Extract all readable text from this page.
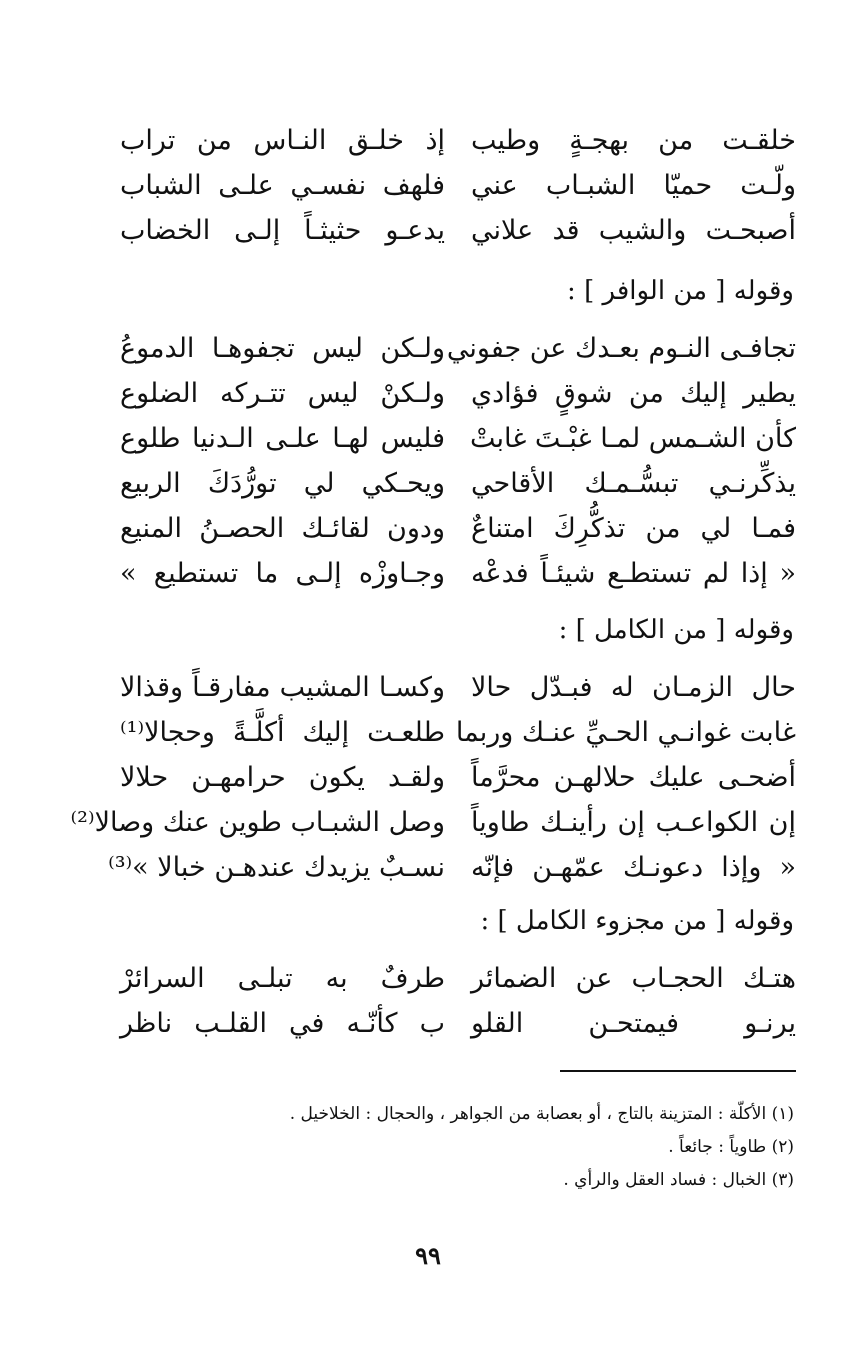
خلقـت من بهجـةٍ وطيب
إذ خلـق النـاس من تراب
ولّـت حميّا الشبـاب عني
فلهف نفسـي علـى الشباب
أصبحـت والشيب قد علاني
يدعـو حثيثـاً إلـى الخضاب
وقوله [ من الوافر ] :
تجافـى النـوم بعـدك عن جفوني
ولـكن ليس تجفوهـا الدموعُ
يطير إليك من شوقٍ فؤادي
ولـكنْ ليس تتـركه الضلوع
كأن الشـمس لمـا غبْـتَ غابتْ
فليس لهـا علـى الـدنيا طلوع
يذكِّرنـي تبسُّـمـك الأقاحي
ويحـكي لي تورُّدَكَ الربيع
فمـا لي من تذكُّرِكَ امتناعٌ
ودون لقائـك الحصـنُ المنيع
« إذا لم تستطـع شيئـاً فدعْه
وجـاوزْه إلـى ما تستطيع »
وقوله [ من الكامل ] :
حال الزمـان له فبـدّل حالا
وكسـا المشيب مفارقـاً وقذالا
غابت غوانـي الحـيِّ عنـك وربما
طلعـت إليك أكلَّـةً وحجالا⁽¹⁾
أضحـى عليك حلالهـن محرَّماً
ولقـد يكون حرامهـن حلالا
إن الكواعـب إن رأينـك طاوياً
وصل الشبـاب طوين عنك وصالا⁽²⁾
« وإذا دعونـك عمّهـن فإنّه
نسـبٌ يزيدك عندهـن خبالا »⁽³⁾
وقوله [ من مجزوء الكامل ] :
هتـك الحجـاب عن الضمائر
طرفٌ به تبلـى السرائرْ
يرنـو فيمتحـن القلو
ب كأنّـه في القلـب ناظر
(١) الأكلّة : المتزينة بالتاج ، أو بعصابة من الجواهر ، والحجال : الخلاخيل .
(٢) طاوياً : جائعاً .
(٣) الخبال : فساد العقل والرأي .
٩٩
